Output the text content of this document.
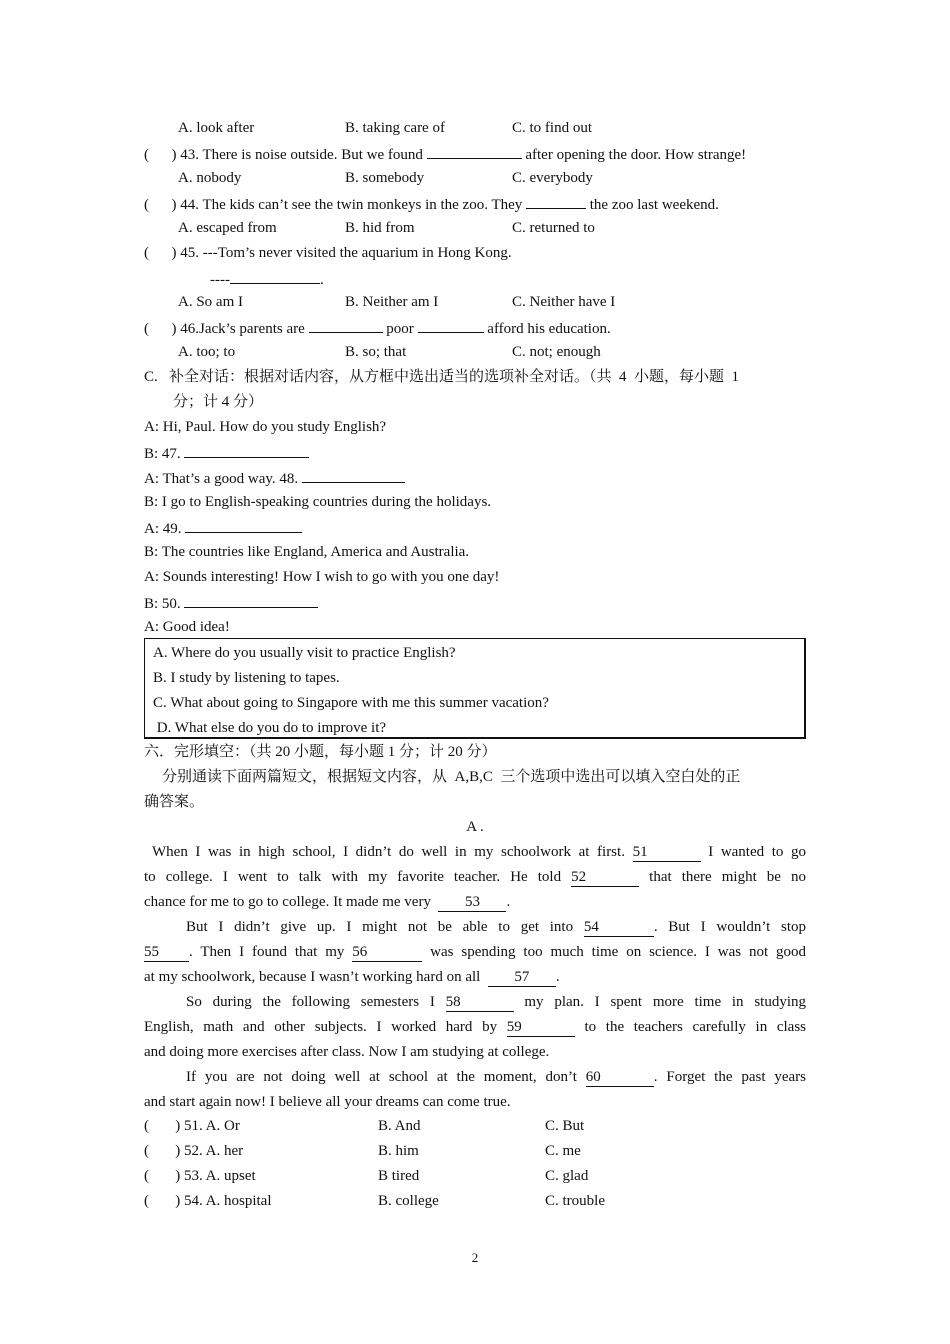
A. look after	B. taking care of	C. to find out
( ) 43. There is noise outside. But we found	after opening the door. How strange!
A. nobody	B. somebody	C. everybody
( ) 44. The kids can’t see the twin monkeys in the zoo. They	the zoo last weekend.
A. escaped from	B. hid from	C. returned to
( ) 45. ---Tom’s never visited the aquarium in Hong Kong.
----	.
A. So am I	B. Neither am I	C. Neither have I
( ) 46.Jack’s parents are	poor	afford his education.
A. too; to	B. so; that	C. not; enough
C.   补全对话：根据对话内容，从方框中选出适当的选项补全对话。（共  4  小题，每小题  1
分；计 4 分）
A: Hi, Paul. How do you study English?
B: 47.
A: That’s a good way. 48.
B: I go to English-speaking countries during the holidays.
A: 49.
B: The countries like England, America and Australia.
A: Sounds interesting! How I wish to go with you one day!
B: 50.
A: Good idea!
A. Where do you usually visit to practice English?
B. I study by listening to tapes.
C. What about going to Singapore with me this summer vacation?
D. What else do you do to improve it?
六．完形填空：（共 20 小题，每小题 1 分；计 20 分）
分别通读下面两篇短文，根据短文内容，从  A,B,C  三个选项中选出可以填入空白处的正
确答案。
A .
When I was in high school, I didn’t do well in my schoolwork at first. 51	I wanted to go
to college. I went to talk with my favorite teacher. He told 52	that there might be no
chance for me to go to college. It made me very 53 .
But I didn’t give up. I might not be able to get into 54	. But I wouldn’t stop
55 . Then I found that my 56	was spending too much time on science. I was not good
at my schoolwork, because I wasn’t working hard on all 57 .
So during the following semesters I 58	my plan. I spent more time in studying
English, math and other subjects. I worked hard by 59	to the teachers carefully in class
and doing more exercises after class. Now I am studying at college.
If you are not doing well at school at the moment, don’t 60	. Forget the past years
and start again now! I believe all your dreams can come true.
( ) 51. A. Or	B. And	C. But
( ) 52. A. her	B. him	C. me
( ) 53. A. upset	B tired	C. glad
( ) 54. A. hospital	B. college	C. trouble
2
